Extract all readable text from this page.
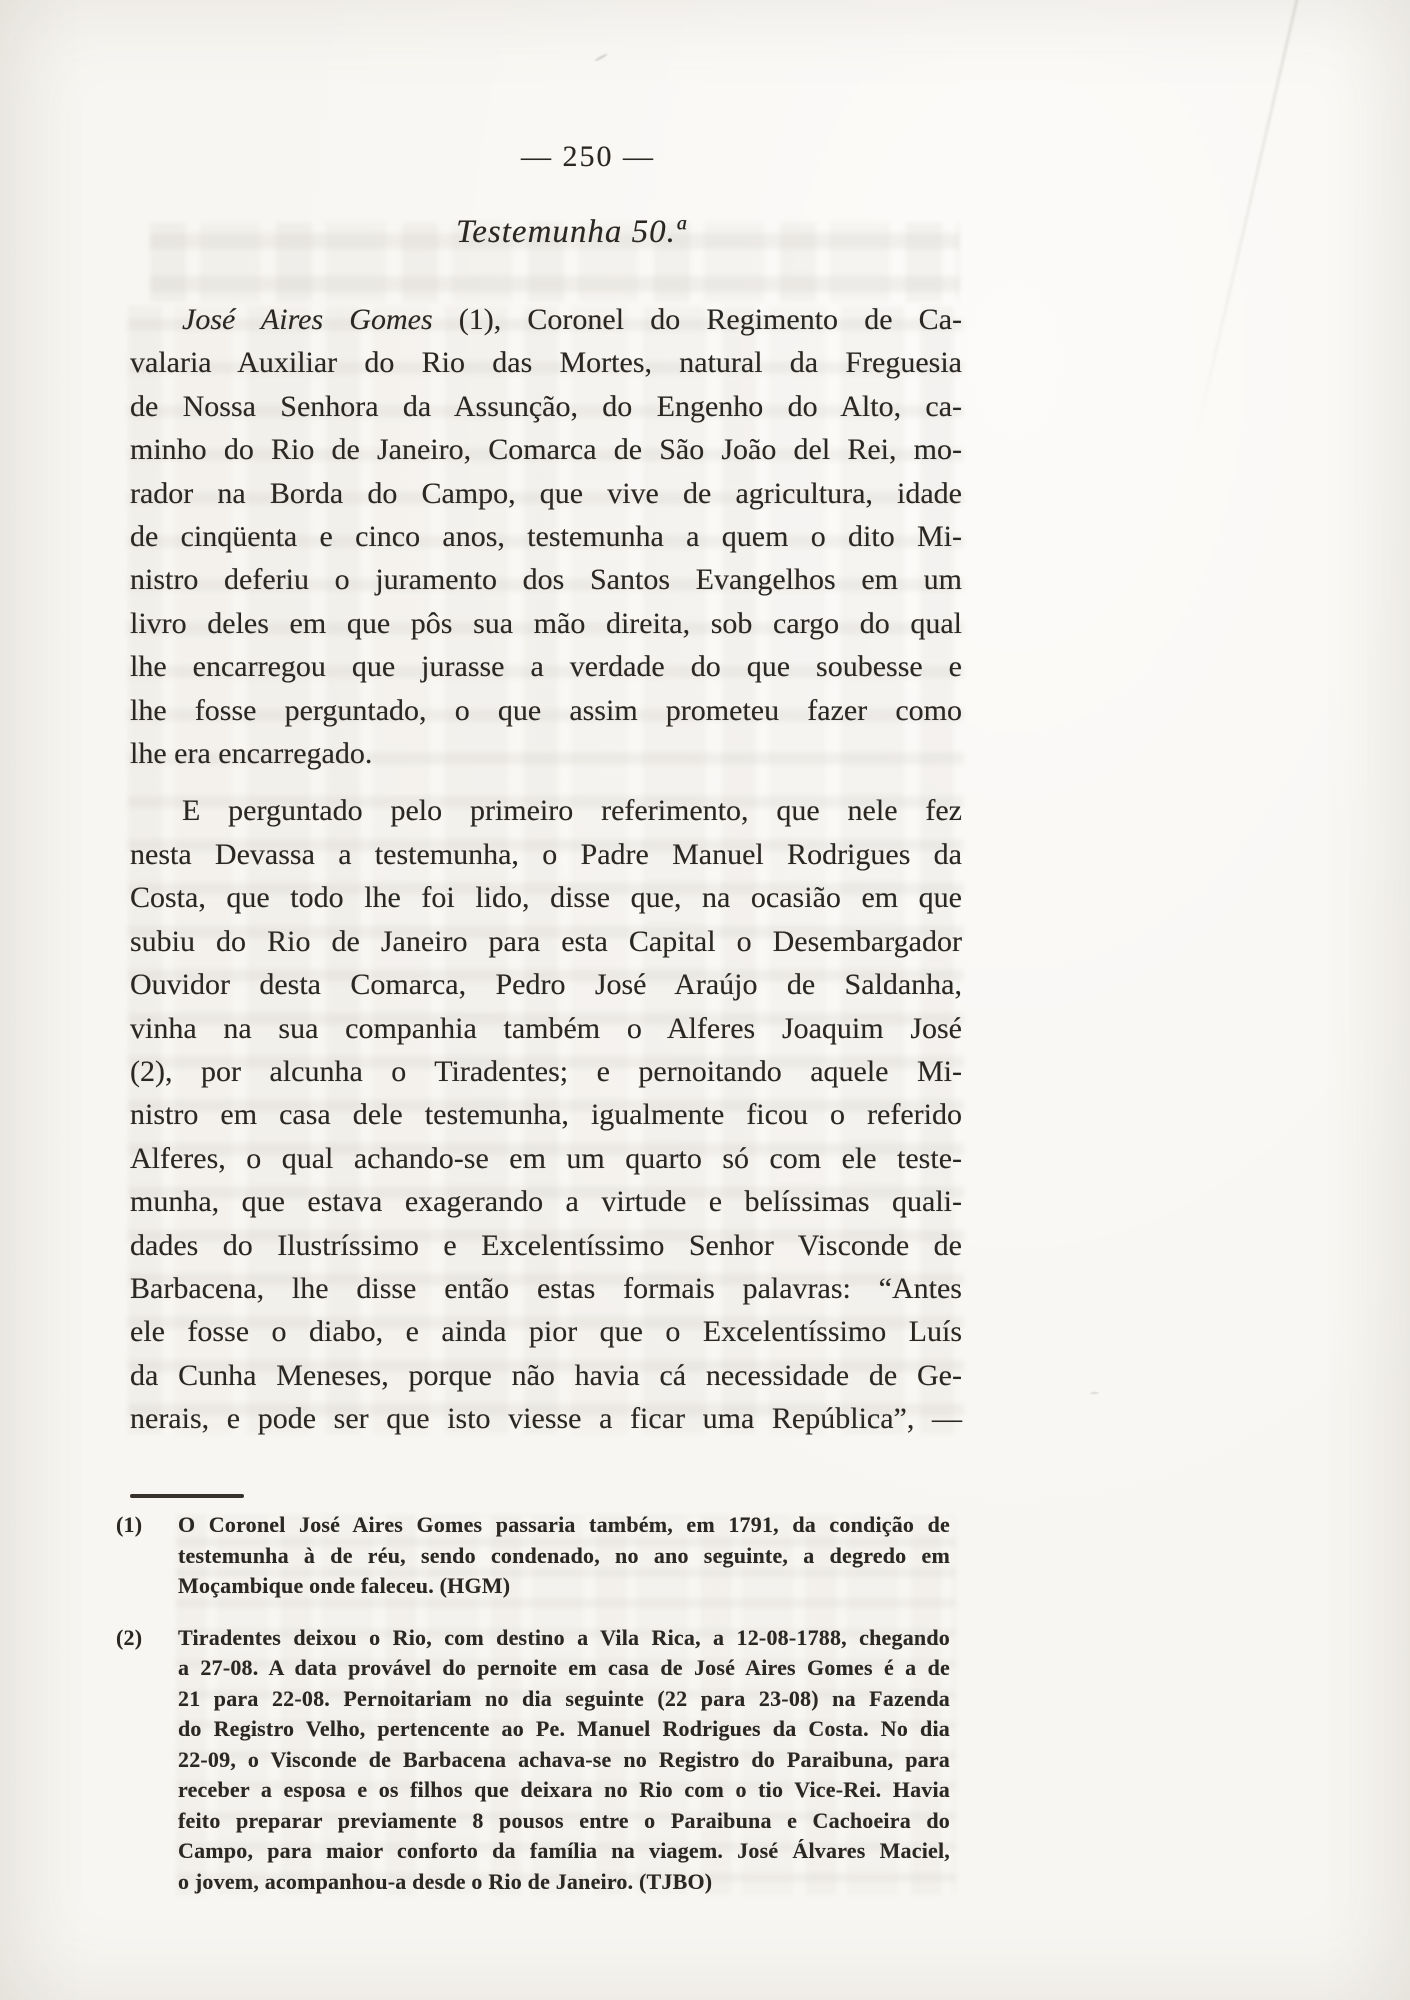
— 250 —
Testemunha 50.ª
José Aires Gomes (1), Coronel do Regimento de Ca-
valaria Auxiliar do Rio das Mortes, natural da Freguesia
de Nossa Senhora da Assunção, do Engenho do Alto, ca-
minho do Rio de Janeiro, Comarca de São João del Rei, mo-
rador na Borda do Campo, que vive de agricultura, idade
de cinqüenta e cinco anos, testemunha a quem o dito Mi-
nistro deferiu o juramento dos Santos Evangelhos em um
livro deles em que pôs sua mão direita, sob cargo do qual
lhe encarregou que jurasse a verdade do que soubesse e
lhe fosse perguntado, o que assim prometeu fazer como
lhe era encarregado.
E perguntado pelo primeiro referimento, que nele fez
nesta Devassa a testemunha, o Padre Manuel Rodrigues da
Costa, que todo lhe foi lido, disse que, na ocasião em que
subiu do Rio de Janeiro para esta Capital o Desembargador
Ouvidor desta Comarca, Pedro José Araújo de Saldanha,
vinha na sua companhia também o Alferes Joaquim José
(2), por alcunha o Tiradentes; e pernoitando aquele Mi-
nistro em casa dele testemunha, igualmente ficou o referido
Alferes, o qual achando-se em um quarto só com ele teste-
munha, que estava exagerando a virtude e belíssimas quali-
dades do Ilustríssimo e Excelentíssimo Senhor Visconde de
Barbacena, lhe disse então estas formais palavras: “Antes
ele fosse o diabo, e ainda pior que o Excelentíssimo Luís
da Cunha Meneses, porque não havia cá necessidade de Ge-
nerais, e pode ser que isto viesse a ficar uma República”, —
(1) O Coronel José Aires Gomes passaria também, em 1791, da condição de
testemunha à de réu, sendo condenado, no ano seguinte, a degredo em
Moçambique onde faleceu. (HGM)
(2) Tiradentes deixou o Rio, com destino a Vila Rica, a 12-08-1788, chegando
a 27-08. A data provável do pernoite em casa de José Aires Gomes é a de
21 para 22-08. Pernoitariam no dia seguinte (22 para 23-08) na Fazenda
do Registro Velho, pertencente ao Pe. Manuel Rodrigues da Costa. No dia
22-09, o Visconde de Barbacena achava-se no Registro do Paraibuna, para
receber a esposa e os filhos que deixara no Rio com o tio Vice-Rei. Havia
feito preparar previamente 8 pousos entre o Paraibuna e Cachoeira do
Campo, para maior conforto da família na viagem. José Álvares Maciel,
o jovem, acompanhou-a desde o Rio de Janeiro. (TJBO)
